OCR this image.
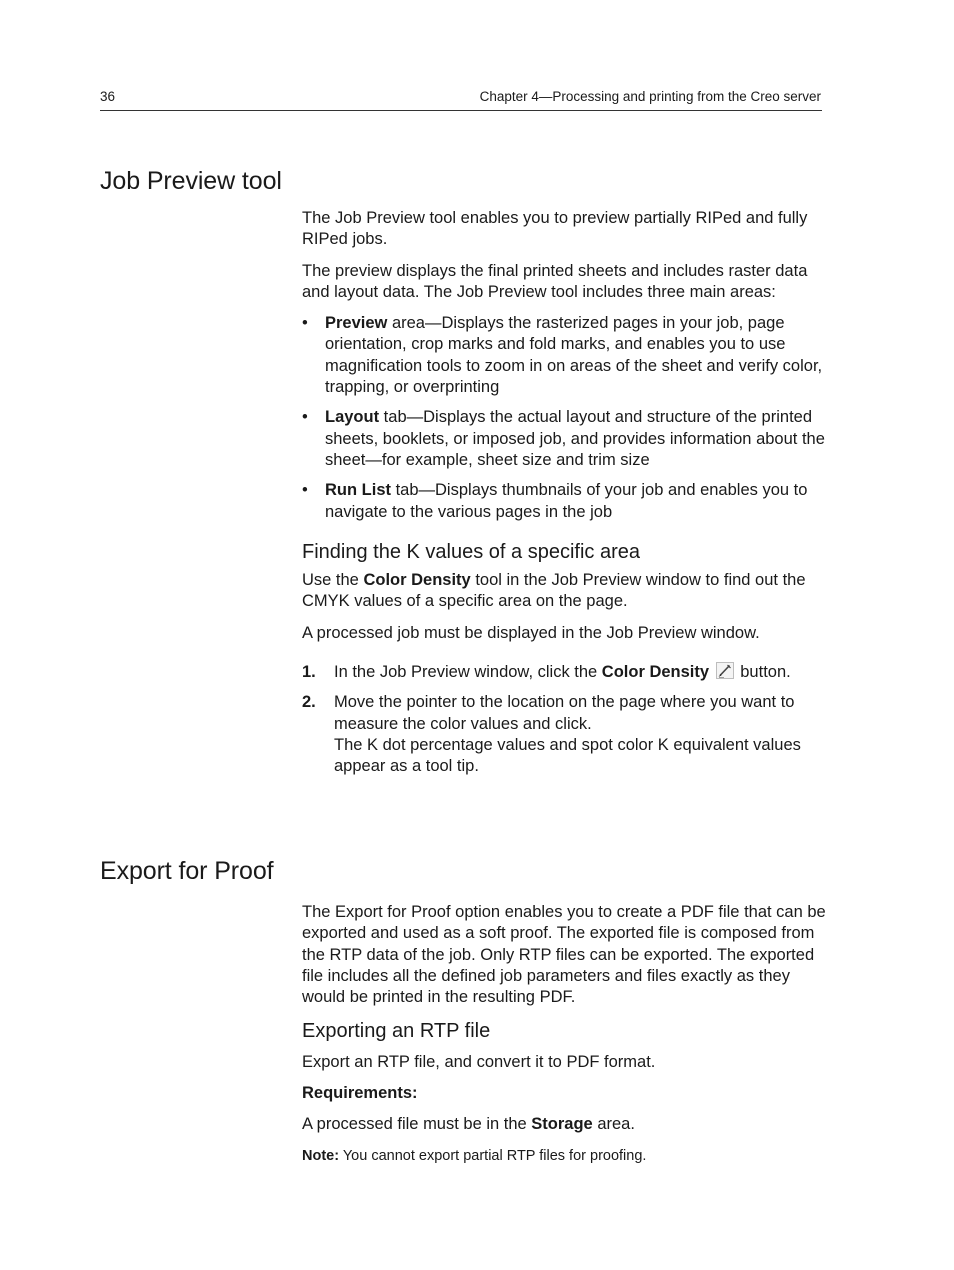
36	Chapter 4—Processing and printing from the Creo server
Job Preview tool

The Job Preview tool enables you to preview partially RIPed and fully RIPed jobs.

The preview displays the final printed sheets and includes raster data and layout data. The Job Preview tool includes three main areas:

• Preview area—Displays the rasterized pages in your job, page orientation, crop marks and fold marks, and enables you to use magnification tools to zoom in on areas of the sheet and verify color, trapping, or overprinting
• Layout tab—Displays the actual layout and structure of the printed sheets, booklets, or imposed job, and provides information about the sheet—for example, sheet size and trim size
• Run List tab—Displays thumbnails of your job and enables you to navigate to the various pages in the job
Finding the K values of a specific area

Use the Color Density tool in the Job Preview window to find out the CMYK values of a specific area on the page.

A processed job must be displayed in the Job Preview window.

1. In the Job Preview window, click the Color Density  button.
2. Move the pointer to the location on the page where you want to measure the color values and click.
The K dot percentage values and spot color K equivalent values appear as a tool tip.
Export for Proof

The Export for Proof option enables you to create a PDF file that can be exported and used as a soft proof. The exported file is composed from the RTP data of the job. Only RTP files can be exported. The exported file includes all the defined job parameters and files exactly as they would be printed in the resulting PDF.

Exporting an RTP file

Export an RTP file, and convert it to PDF format.

Requirements:

A processed file must be in the Storage area.

Note: You cannot export partial RTP files for proofing.
